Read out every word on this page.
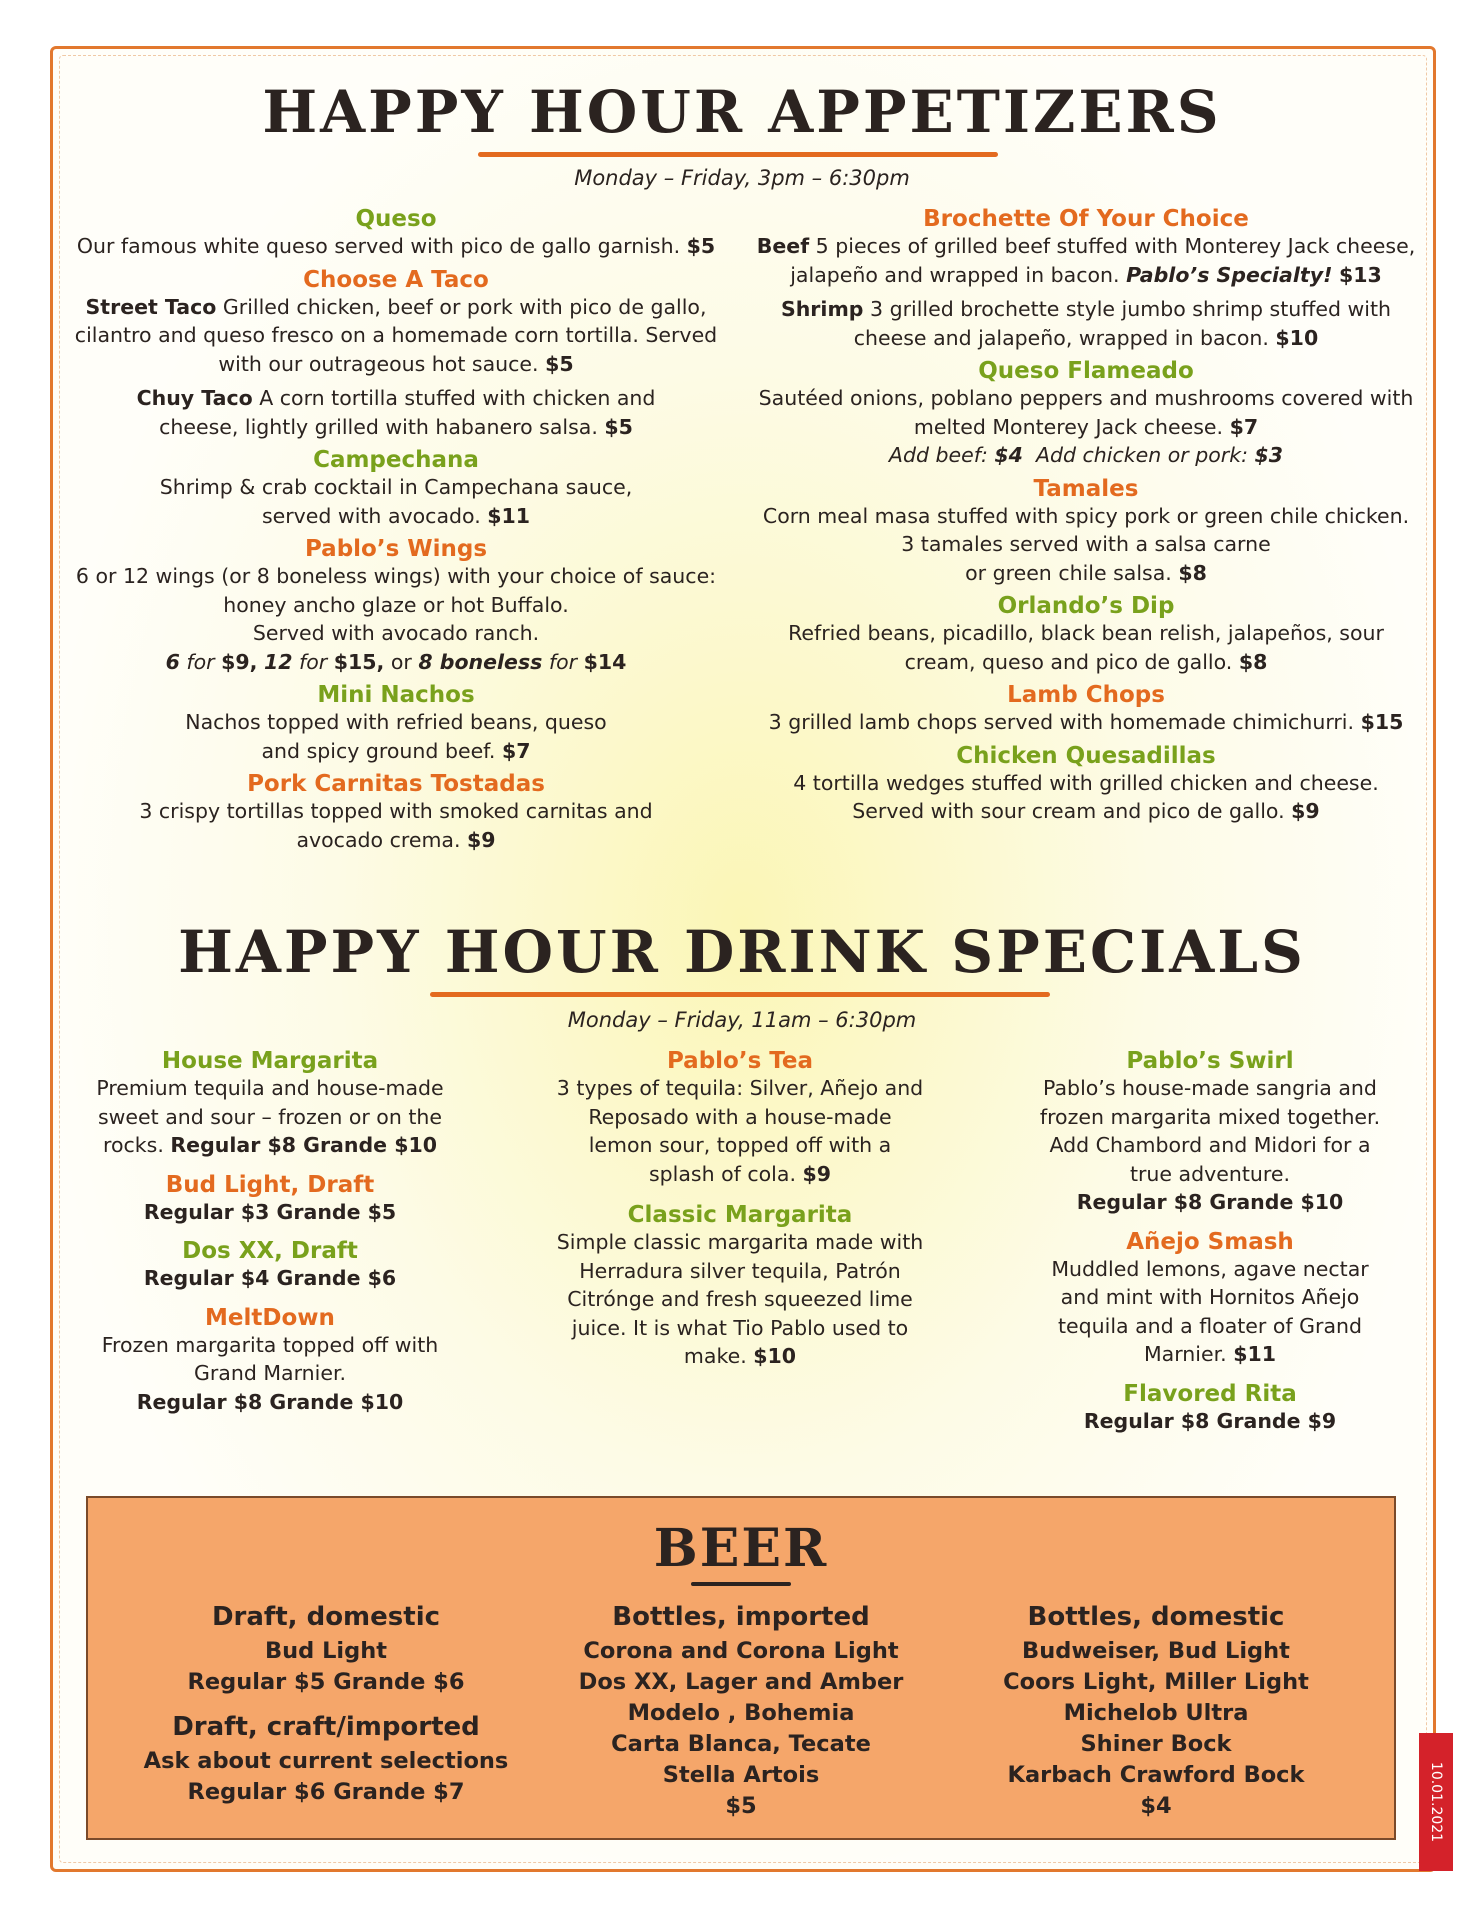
HAPPY HOUR APPETIZERS
Monday – Friday, 3pm – 6:30pm

Queso

Our famous white queso served with pico de gallo garnish. $5

Choose A Taco

Street Taco Grilled chicken, beef or pork with pico de gallo, cilantro and queso fresco on a homemade corn tortilla. Served with our outrageous hot sauce. $5

Chuy Taco A corn tortilla stuffed with chicken and cheese, lightly grilled with habanero salsa. $5

Campechana

Shrimp & crab cocktail in Campechana sauce,
served with avocado. $11

Pablo’s Wings

6 or 12 wings (or 8 boneless wings) with your choice of sauce:
honey ancho glaze or hot Buffalo.
Served with avocado ranch.
6 for $9, 12 for $15, or 8 boneless for $14

Mini Nachos

Nachos topped with refried beans, queso
and spicy ground beef. $7

Pork Carnitas Tostadas

3 crispy tortillas topped with smoked carnitas and
avocado crema. $9

Brochette Of Your Choice

Beef 5 pieces of grilled beef stuffed with Monterey Jack cheese, jalapeño and wrapped in bacon. Pablo’s Specialty! $13

Shrimp 3 grilled brochette style jumbo shrimp stuffed with cheese and jalapeño, wrapped in bacon. $10

Queso Flameado

Sautéed onions, poblano peppers and mushrooms covered with melted Monterey Jack cheese. $7
Add beef: $4 Add chicken or pork: $3

Tamales

Corn meal masa stuffed with spicy pork or green chile chicken.
3 tamales served with a salsa carne
or green chile salsa. $8

Orlando’s Dip

Refried beans, picadillo, black bean relish, jalapeños, sour cream, queso and pico de gallo. $8

Lamb Chops

3 grilled lamb chops served with homemade chimichurri. $15

Chicken Quesadillas

4 tortilla wedges stuffed with grilled chicken and cheese.
Served with sour cream and pico de gallo. $9

HAPPY HOUR DRINK SPECIALS
Monday – Friday, 11am – 6:30pm

House Margarita

Premium tequila and house-made sweet and sour – frozen or on the rocks. Regular $8 Grande $10

Bud Light, Draft

Regular $3 Grande $5

Dos XX, Draft

Regular $4 Grande $6

MeltDown

Frozen margarita topped off with Grand Marnier.
Regular $8 Grande $10

Pablo’s Tea

3 types of tequila: Silver, Añejo and Reposado with a house-made lemon sour, topped off with a splash of cola. $9

Classic Margarita

Simple classic margarita made with Herradura silver tequila, Patrón Citrónge and fresh squeezed lime juice. It is what Tio Pablo used to make. $10

Pablo’s Swirl

Pablo’s house-made sangria and frozen margarita mixed together. Add Chambord and Midori for a true adventure.
Regular $8 Grande $10

Añejo Smash

Muddled lemons, agave nectar and mint with Hornitos Añejo tequila and a floater of Grand Marnier. $11

Flavored Rita

Regular $8 Grande $9

BEER

Draft, domestic

Bud Light

Regular $5 Grande $6

Draft, craft/imported

Ask about current selections

Regular $6 Grande $7

Bottles, imported

Corona and Corona Light

Dos XX, Lager and Amber

Modelo , Bohemia

Carta Blanca, Tecate

Stella Artois

$5

Bottles, domestic

Budweiser, Bud Light

Coors Light, Miller Light

Michelob Ultra

Shiner Bock

Karbach Crawford Bock

$4	10.01.2021
